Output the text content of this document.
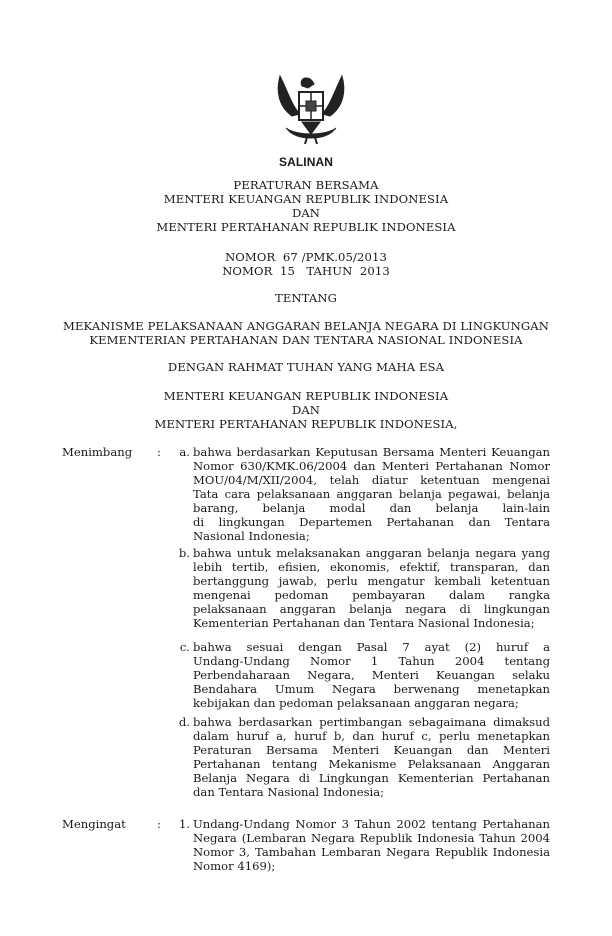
SALINAN
PERATURAN BERSAMA
MENTERI KEUANGAN REPUBLIK INDONESIA
DAN
MENTERI PERTAHANAN REPUBLIK INDONESIA
NOMOR  67 /PMK.05/2013
NOMOR  15   TAHUN  2013
TENTANG
MEKANISME PELAKSANAAN ANGGARAN BELANJA NEGARA DI LINGKUNGAN
KEMENTERIAN PERTAHANAN DAN TENTARA NASIONAL INDONESIA
DENGAN RAHMAT TUHAN YANG MAHA ESA
MENTERI KEUANGAN REPUBLIK INDONESIA
DAN
MENTERI PERTAHANAN REPUBLIK INDONESIA,
Menimbang : a. bahwa berdasarkan Keputusan Bersama Menteri Keuangan
Nomor 630/KMK.06/2004 dan Menteri Pertahanan Nomor
MOU/04/M/XII/2004, telah diatur ketentuan mengenai
Tata cara pelaksanaan anggaran belanja pegawai, belanja
barang, belanja modal dan belanja lain-lain
di lingkungan Departemen Pertahanan dan Tentara
Nasional Indonesia;
b. bahwa untuk melaksanakan anggaran belanja negara yang
lebih tertib, efisien, ekonomis, efektif, transparan, dan
bertanggung jawab, perlu mengatur kembali ketentuan
mengenai pedoman pembayaran dalam rangka
pelaksanaan anggaran belanja negara di lingkungan
Kementerian Pertahanan dan Tentara Nasional Indonesia;
c. bahwa sesuai dengan Pasal 7 ayat (2) huruf a
Undang-Undang Nomor 1 Tahun 2004 tentang
Perbendaharaan Negara, Menteri Keuangan selaku
Bendahara Umum Negara berwenang menetapkan
kebijakan dan pedoman pelaksanaan anggaran negara;
d. bahwa berdasarkan pertimbangan sebagaimana dimaksud
dalam huruf a, huruf b, dan huruf c, perlu menetapkan
Peraturan Bersama Menteri Keuangan dan Menteri
Pertahanan tentang Mekanisme Pelaksanaan Anggaran
Belanja Negara di Lingkungan Kementerian Pertahanan
dan Tentara Nasional Indonesia;
Mengingat	: 1. Undang-Undang Nomor 3 Tahun 2002 tentang Pertahanan
Negara (Lembaran Negara Republik Indonesia Tahun 2004
Nomor 3, Tambahan Lembaran Negara Republik Indonesia
Nomor 4169);
